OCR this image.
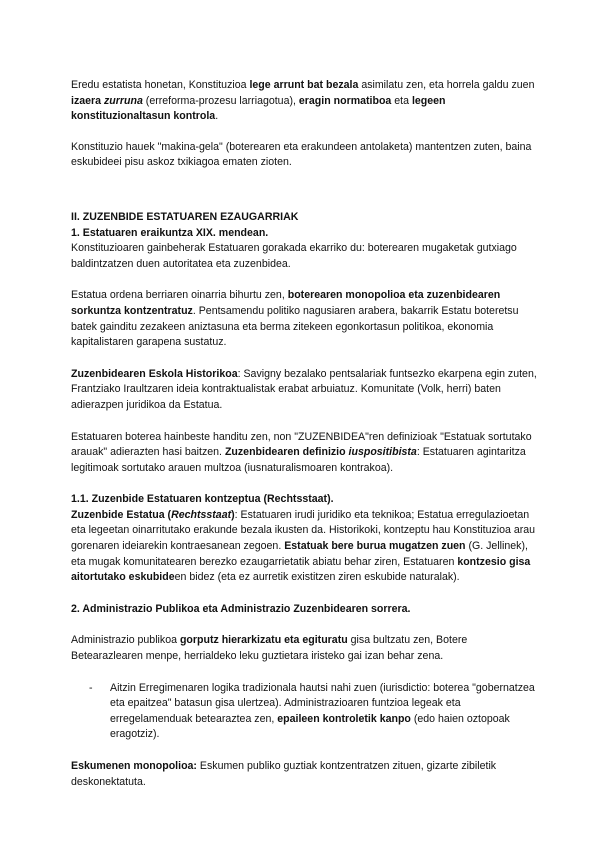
Eredu estatista honetan, Konstituzioa lege arrunt bat bezala asimilatu zen, eta horrela galdu zuen izaera zurruna (erreforma-prozesu larriagotua), eragin normatiboa eta legeen konstituzionaltasun kontrola.

Konstituzio hauek "makina-gela" (boterearen eta erakundeen antolaketa) mantentzen zuten, baina eskubideei pisu askoz txikiagoa ematen zioten.

II. ZUZENBIDE ESTATUAREN EZAUGARRIAK

1. Estatuaren eraikuntza XIX. mendean.

Konstituzioaren gainbeherak Estatuaren gorakada ekarriko du: boterearen mugaketak gutxiago baldintzatzen duen autoritatea eta zuzenbidea.

Estatua ordena berriaren oinarria bihurtu zen, boterearen monopolioa eta zuzenbidearen sorkuntza kontzentratuz. Pentsamendu politiko nagusiaren arabera, bakarrik Estatu boteretsu batek gainditu zezakeen aniztasuna eta berma zitekeen egonkortasun politikoa, ekonomia kapitalistaren garapena sustatuz.

Zuzenbidearen Eskola Historikoa: Savigny bezalako pentsalariak funtsezko ekarpena egin zuten, Frantziako Iraultzaren ideia kontraktualistak erabat arbuiatuz. Komunitate (Volk, herri) baten adierazpen juridikoa da Estatua.

Estatuaren boterea hainbeste handitu zen, non "ZUZENBIDEA"ren definizioak "Estatuak sortutako arauak" adierazten hasi baitzen. Zuzenbidearen definizio iuspositibista: Estatuaren agintaritza legitimoak sortutako arauen multzoa (iusnaturalismoaren kontrakoa).

1.1. Zuzenbide Estatuaren kontzeptua (Rechtsstaat).

Zuzenbide Estatua (Rechtsstaat): Estatuaren irudi juridiko eta teknikoa; Estatua erregulazioetan eta legeetan oinarritutako erakunde bezala ikusten da. Historikoki, kontzeptu hau Konstituzioa arau gorenaren ideiarekin kontraesanean zegoen. Estatuak bere burua mugatzen zuen (G. Jellinek), eta mugak komunitatearen berezko ezaugarrietatik abiatu behar ziren, Estatuaren kontzesio gisa aitortutako eskubideen bidez (eta ez aurretik existitzen ziren eskubide naturalak).

2. Administrazio Publikoa eta Administrazio Zuzenbidearen sorrera.

Administrazio publikoa gorputz hierarkizatu eta egituratu gisa bultzatu zen, Botere Betearazlearen menpe, herrialdeko leku guztietara iristeko gai izan behar zena.

-	Aitzin Erregimenaren logika tradizionala hautsi nahi zuen (iurisdictio: boterea "gobernatzea eta epaitzea" batasun gisa ulertzea). Administrazioaren funtzioa legeak eta erregelamenduak betearaztea zen, epaileen kontroletik kanpo (edo haien oztopoak eragotziz).

Eskumenen monopolioa: Eskumen publiko guztiak kontzentratzen zituen, gizarte zibiletik deskonektatuta.
